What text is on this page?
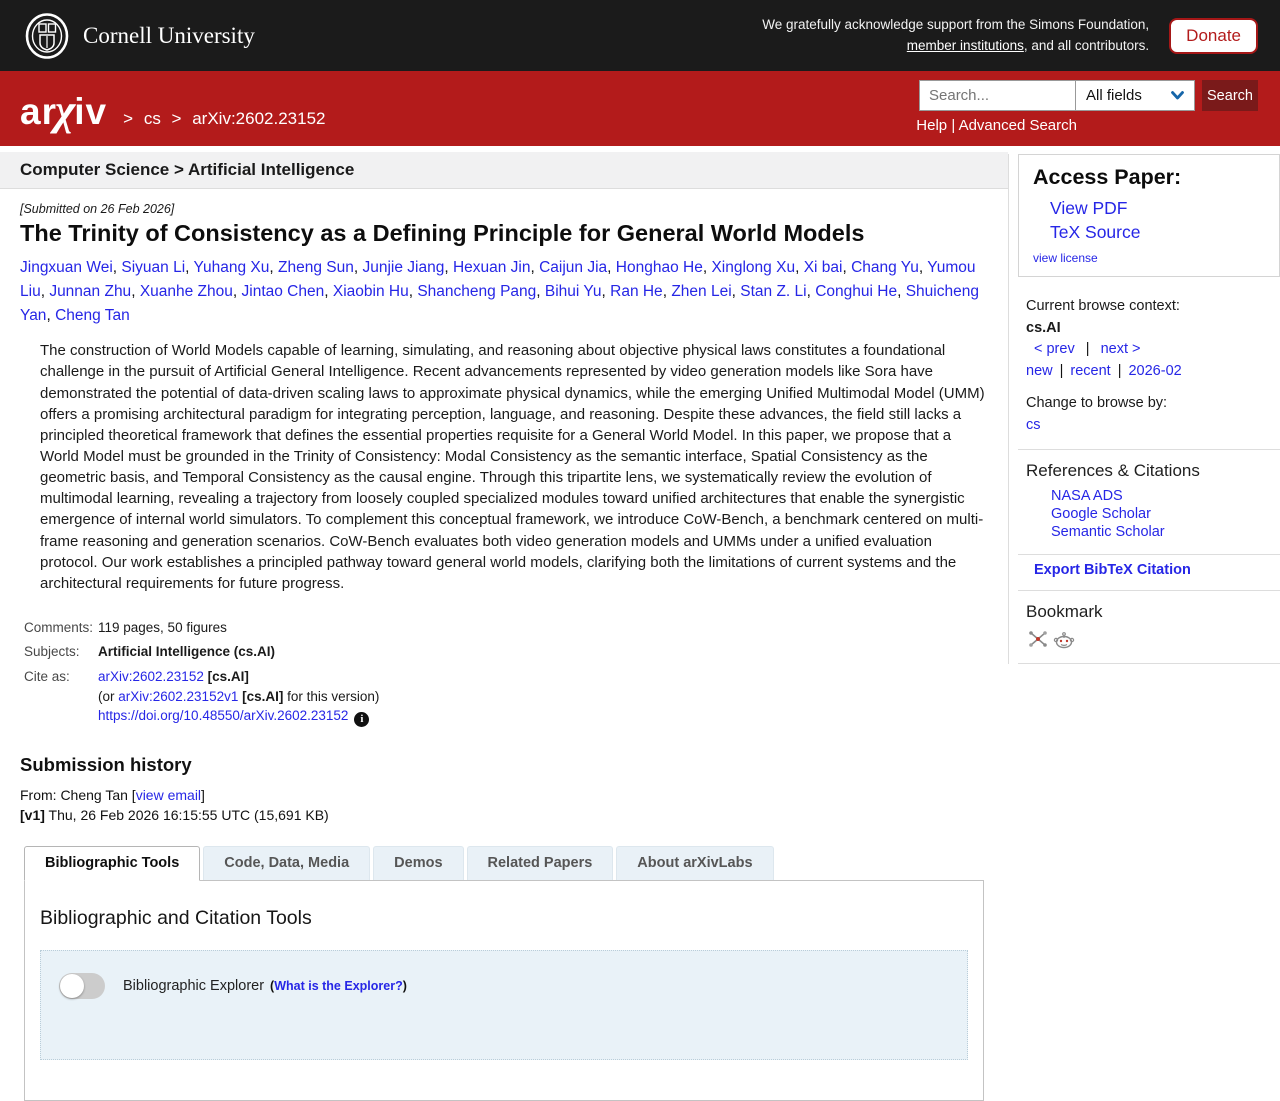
Cornell University	We gratefully acknowledge support from the Simons Foundation,
member institutions, and all contributors.
Donate
arχiv > cs > arXiv:2602.23152
Search...
All fields	Search
Help | Advanced Search
Computer Science > Artificial Intelligence
[Submitted on 26 Feb 2026]
The Trinity of Consistency as a Defining Principle for General World Models
Jingxuan Wei, Siyuan Li, Yuhang Xu, Zheng Sun, Junjie Jiang, Hexuan Jin, Caijun Jia, Honghao He, Xinglong Xu, Xi bai, Chang Yu, Yumou Liu, Junnan Zhu, Xuanhe Zhou, Jintao Chen, Xiaobin Hu, Shancheng Pang, Bihui Yu, Ran He, Zhen Lei, Stan Z. Li, Conghui He, Shuicheng Yan, Cheng Tan
The construction of World Models capable of learning, simulating, and reasoning about objective physical laws constitutes a foundational challenge in the pursuit of Artificial General Intelligence. Recent advancements represented by video generation models like Sora have demonstrated the potential of data-driven scaling laws to approximate physical dynamics, while the emerging Unified Multimodal Model (UMM) offers a promising architectural paradigm for integrating perception, language, and reasoning. Despite these advances, the field still lacks a principled theoretical framework that defines the essential properties requisite for a General World Model. In this paper, we propose that a World Model must be grounded in the Trinity of Consistency: Modal Consistency as the semantic interface, Spatial Consistency as the geometric basis, and Temporal Consistency as the causal engine. Through this tripartite lens, we systematically review the evolution of multimodal learning, revealing a trajectory from loosely coupled specialized modules toward unified architectures that enable the synergistic emergence of internal world simulators. To complement this conceptual framework, we introduce CoW-Bench, a benchmark centered on multi-frame reasoning and generation scenarios. CoW-Bench evaluates both video generation models and UMMs under a unified evaluation protocol. Our work establishes a principled pathway toward general world models, clarifying both the limitations of current systems and the architectural requirements for future progress.
Comments:	119 pages, 50 figures
Subjects:	Artificial Intelligence (cs.AI)
Cite as:	arXiv:2602.23152 [cs.AI]
(or arXiv:2602.23152v1 [cs.AI] for this version)
https://doi.org/10.48550/arXiv.2602.23152i
Submission history
From: Cheng Tan [view email]
[v1] Thu, 26 Feb 2026 16:15:55 UTC (15,691 KB)
Bibliographic Tools	Code, Data, Media	Demos	Related Papers	About arXivLabs
Bibliographic and Citation Tools
Bibliographic Explorer (What is the Explorer?)
Access Paper:
View PDF
TeX Source
view license
Current browse context:
cs.AI
< prev | next >
new | recent | 2026-02
Change to browse by:
cs
References & Citations
NASA ADS
Google Scholar
Semantic Scholar
Export BibTeX Citation
Bookmark
